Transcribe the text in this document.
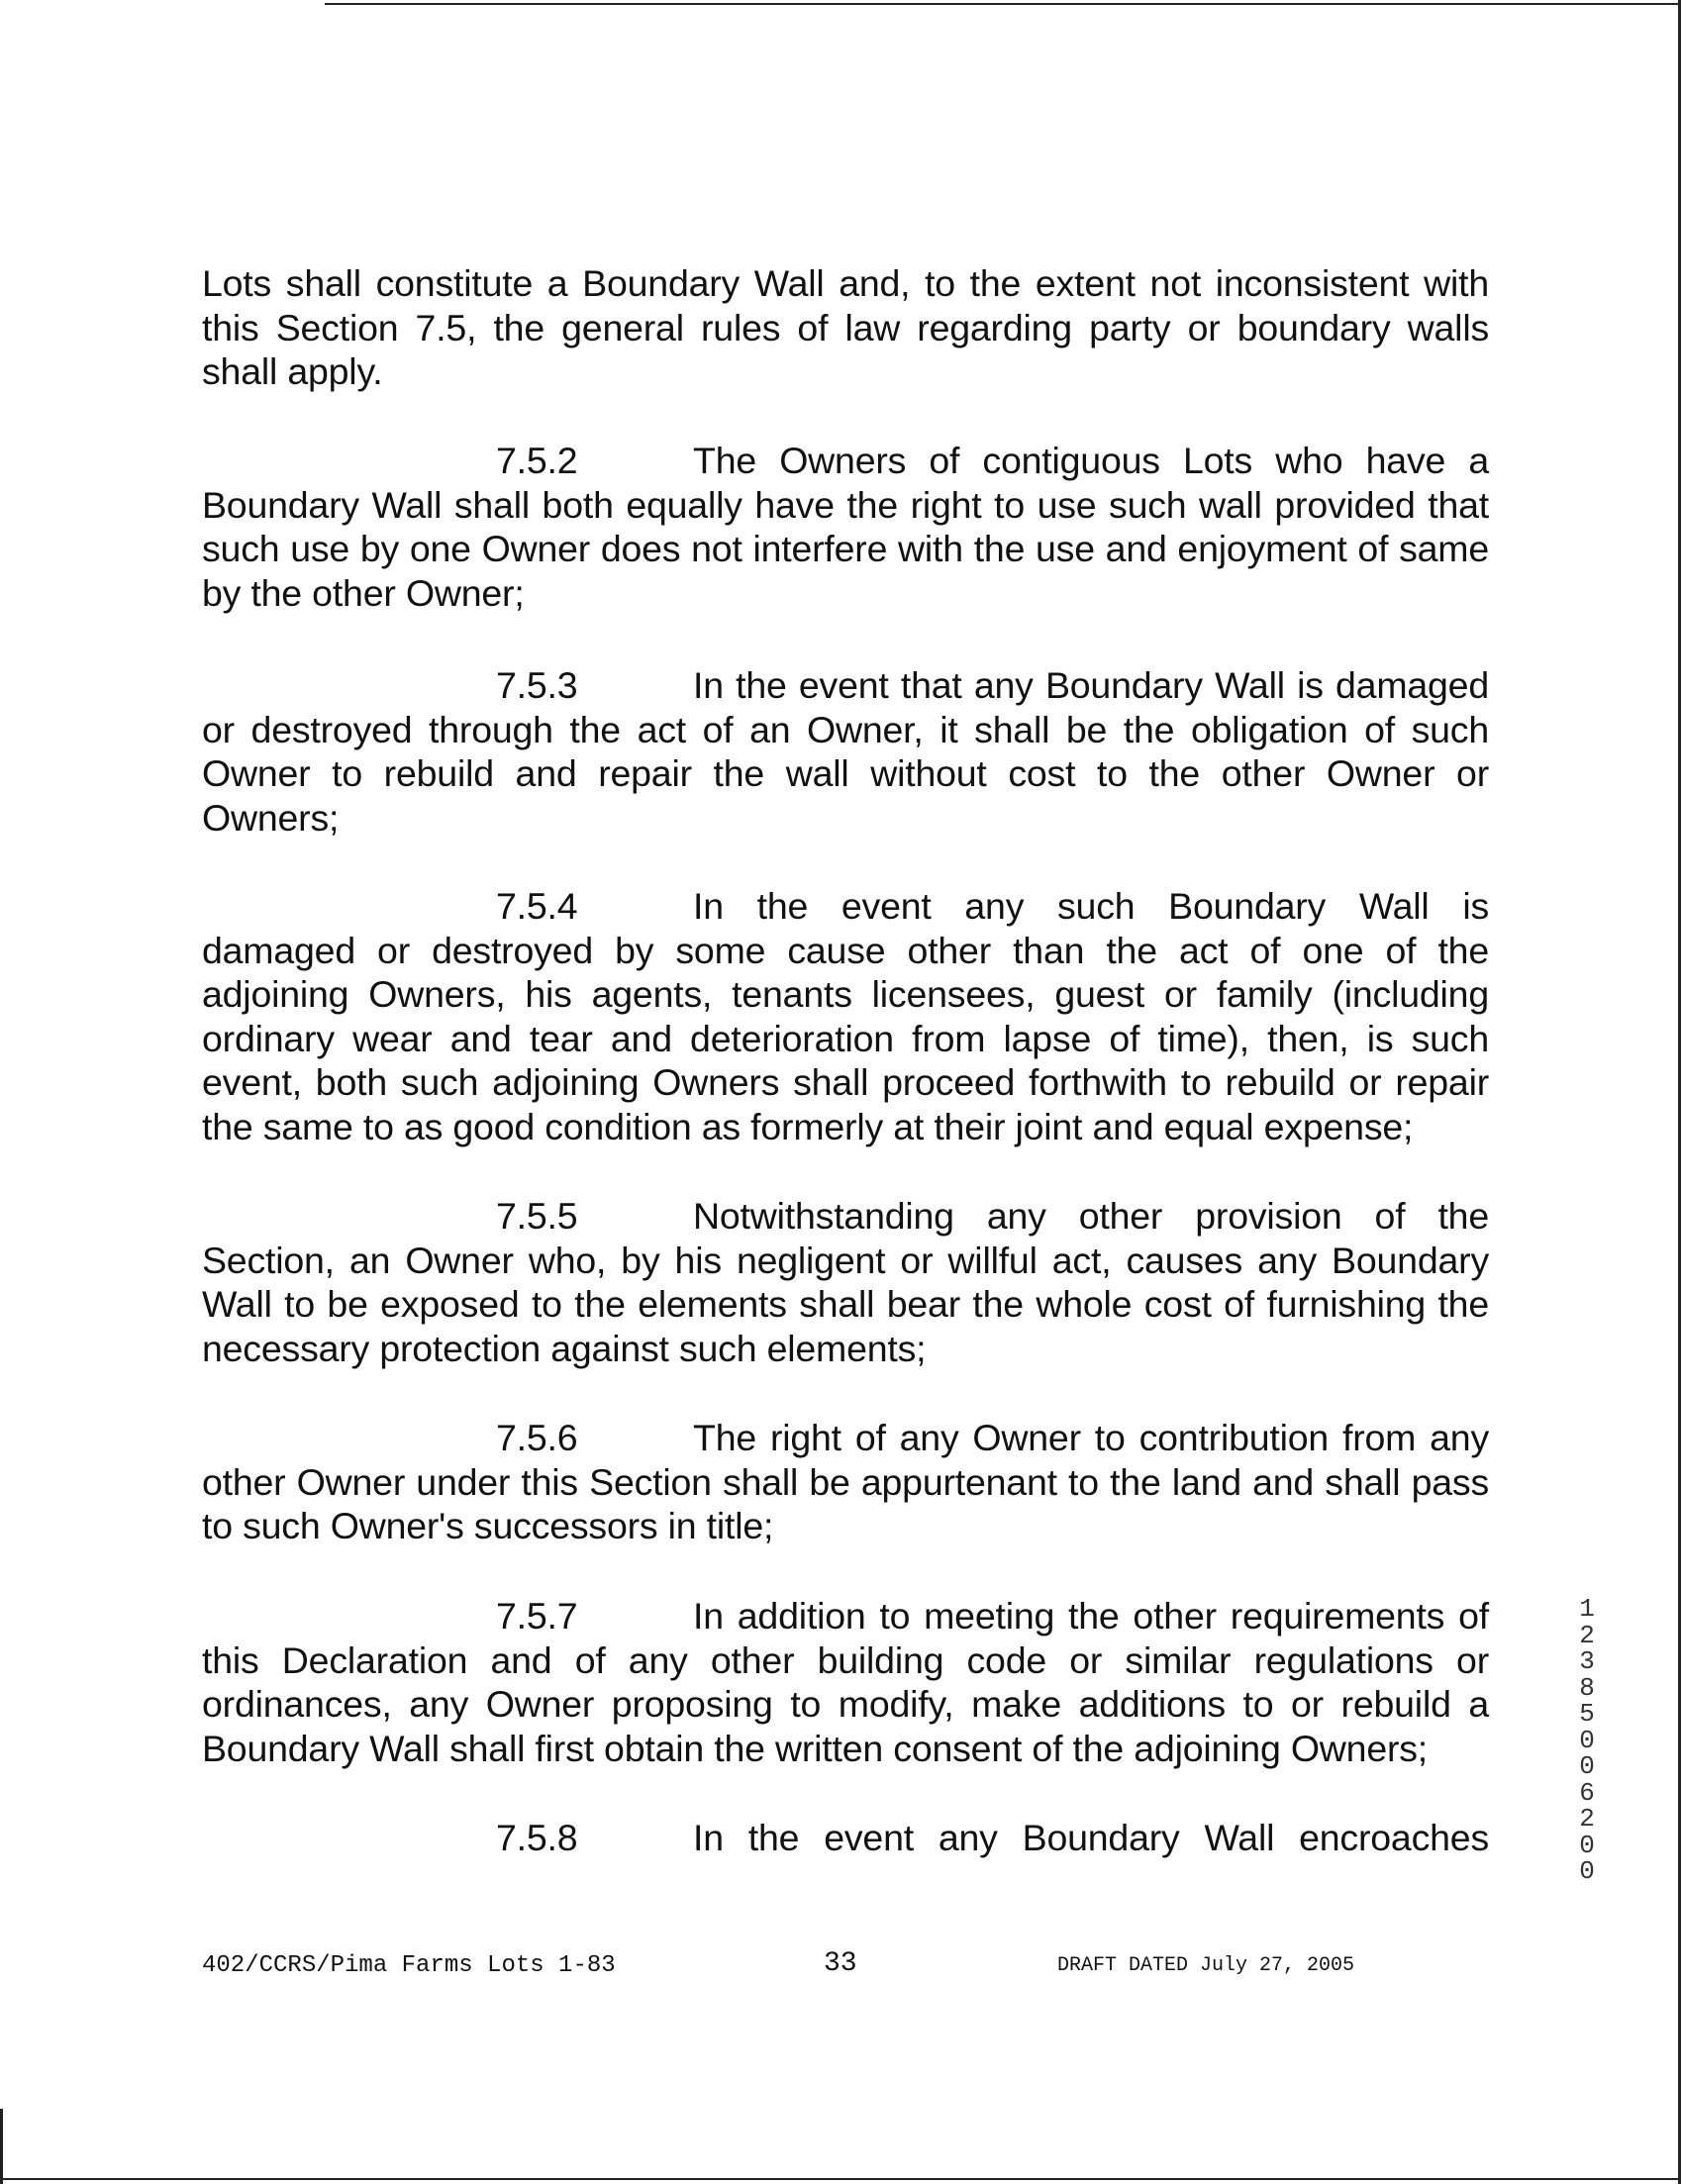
Lots shall constitute a Boundary Wall and, to the extent not inconsistent with
this Section 7.5, the general rules of law regarding party or boundary walls
shall apply.
7.5.2	The Owners of contiguous Lots who have a
Boundary Wall shall both equally have the right to use such wall provided that
such use by one Owner does not interfere with the use and enjoyment of same
by the other Owner;
7.5.3	In the event that any Boundary Wall is damaged
or destroyed through the act of an Owner, it shall be the obligation of such
Owner to rebuild and repair the wall without cost to the other Owner or
Owners;
7.5.4	In the event any such Boundary Wall is
damaged or destroyed by some cause other than the act of one of the
adjoining Owners, his agents, tenants licensees, guest or family (including
ordinary wear and tear and deterioration from lapse of time), then, is such
event, both such adjoining Owners shall proceed forthwith to rebuild or repair
the same to as good condition as formerly at their joint and equal expense;
7.5.5	Notwithstanding any other provision of the
Section, an Owner who, by his negligent or willful act, causes any Boundary
Wall to be exposed to the elements shall bear the whole cost of furnishing the
necessary protection against such elements;
7.5.6	The right of any Owner to contribution from any
other Owner under this Section shall be appurtenant to the land and shall pass
to such Owner's successors in title;
7.5.7	In addition to meeting the other requirements of
this Declaration and of any other building code or similar regulations or
ordinances, any Owner proposing to modify, make additions to or rebuild a
Boundary Wall shall first obtain the written consent of the adjoining Owners;
7.5.8	In the event any Boundary Wall encroaches
402/CCRS/Pima Farms Lots 1-83	33	DRAFT DATED July 27, 2005
123850 06200
